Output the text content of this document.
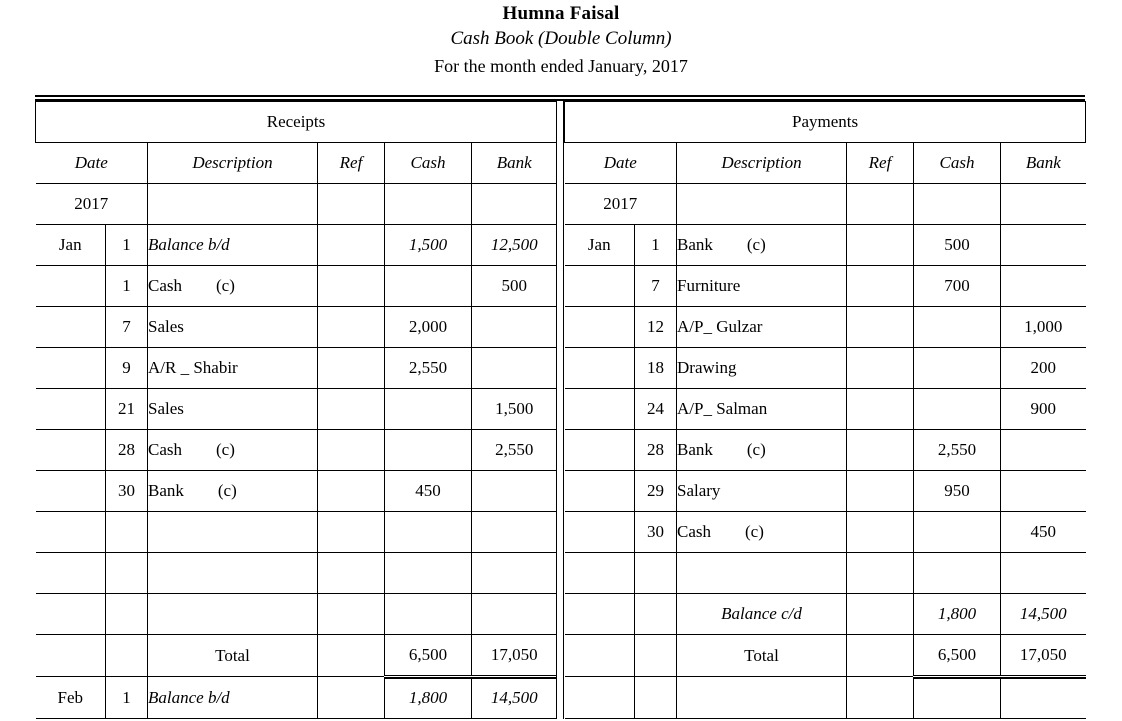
Humna Faisal
Cash Book (Double Column)
For the month ended January, 2017
Receipts					
Date		Description	Ref	Cash	Bank
2017					
Jan	1	Balance b/d		1,500	12,500
	1	Cash        (c)			500
	7	Sales		2,000	
	9	A/R _ Shabir		2,550	
	21	Sales			1,500
	28	Cash        (c)			2,550
	30	Bank        (c)		450	

		Total		6,500	17,050
Feb	1	Balance b/d		1,800	14,500
Payments					
Date		Description	Ref	Cash	Bank
2017					
Jan	1	Bank        (c)		500	
	7	Furniture		700	
	12	A/P_ Gulzar			1,000
	18	Drawing			200
	24	A/P_ Salman			900
	28	Bank        (c)		2,550	
	29	Salary		950	
	30	Cash        (c)			450

		Balance c/d		1,800	14,500
		Total		6,500	17,050
